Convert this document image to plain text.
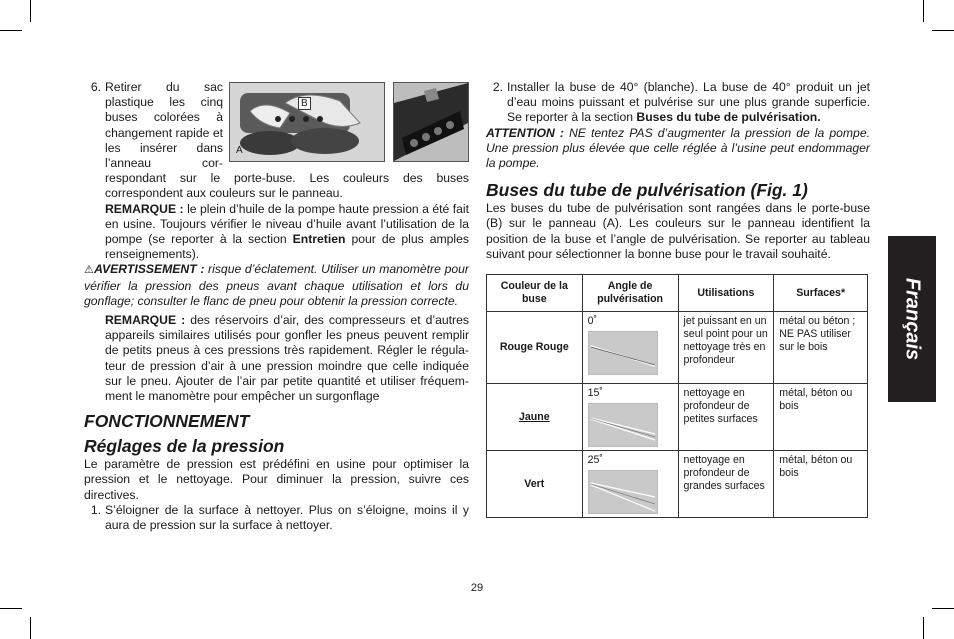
6.
B
A
Retirer du sac plastique les cinq buses colorées à changement rapide et les insérer dans l’anneau cor-respondant sur le porte-buse. Les couleurs des buses correspondent aux couleurs sur le panneau.

REMARQUE : le plein d’huile de la pompe haute pression a été fait en usine. Toujours vérifier le niveau d’huile avant l’utilisation de la pompe (se reporter à la section Entretien pour de plus amples renseignements).

⚠AVERTISSEMENT : risque d’éclatement. Utiliser un manomètre pour vérifier la pression des pneus avant chaque utilisation et lors du gonflage; consulter le flanc de pneu pour obtenir la pression correcte.

REMARQUE : des réservoirs d’air, des compresseurs et d’autres appareils similaires utilisés pour gonfler les pneus peuvent remplir de petits pneus à ces pressions très rapidement. Régler le régula-teur de pression d’air à une pression moindre que celle indiquée sur le pneu. Ajouter de l’air par petite quantité et utiliser fréquem-ment le manomètre pour empêcher un surgonflage

FONCTIONNEMENT
Réglages de la pression

Le paramètre de pression est prédéfini en usine pour optimiser la pression et le nettoyage. Pour diminuer la pression, suivre ces directives.

1. S’éloigner de la surface à nettoyer. Plus on s’éloigne, moins il y aura de pression sur la surface à nettoyer.
2. Installer la buse de 40° (blanche). La buse de 40° produit un jet d’eau moins puissant et pulvérise sur une plus grande superficie. Se reporter à la section Buses du tube de pulvérisation.

ATTENTION : NE tentez PAS d’augmenter la pression de la pompe. Une pression plus élevée que celle réglée à l’usine peut endommager la pompe.

Buses du tube de pulvérisation (Fig. 1)

Les buses du tube de pulvérisation sont rangées dans le porte-buse (B) sur le panneau (A). Les couleurs sur le panneau identifient la position de la buse et l’angle de pulvérisation. Se reporter au tableau suivant pour sélectionner la bonne buse pour le travail souhaité.

Couleur de la buse	Angle de pulvérisation	Utilisations	Surfaces*
Rouge Rouge	0˚	jet puissant en un seul point pour un nettoyage très en profondeur	métal ou béton ; NE PAS utiliser sur le bois
Jaune	15˚	nettoyage en profondeur de petites surfaces	métal, béton ou bois
Vert	25˚	nettoyage en profondeur de grandes surfaces	métal, béton ou bois
Français
29
